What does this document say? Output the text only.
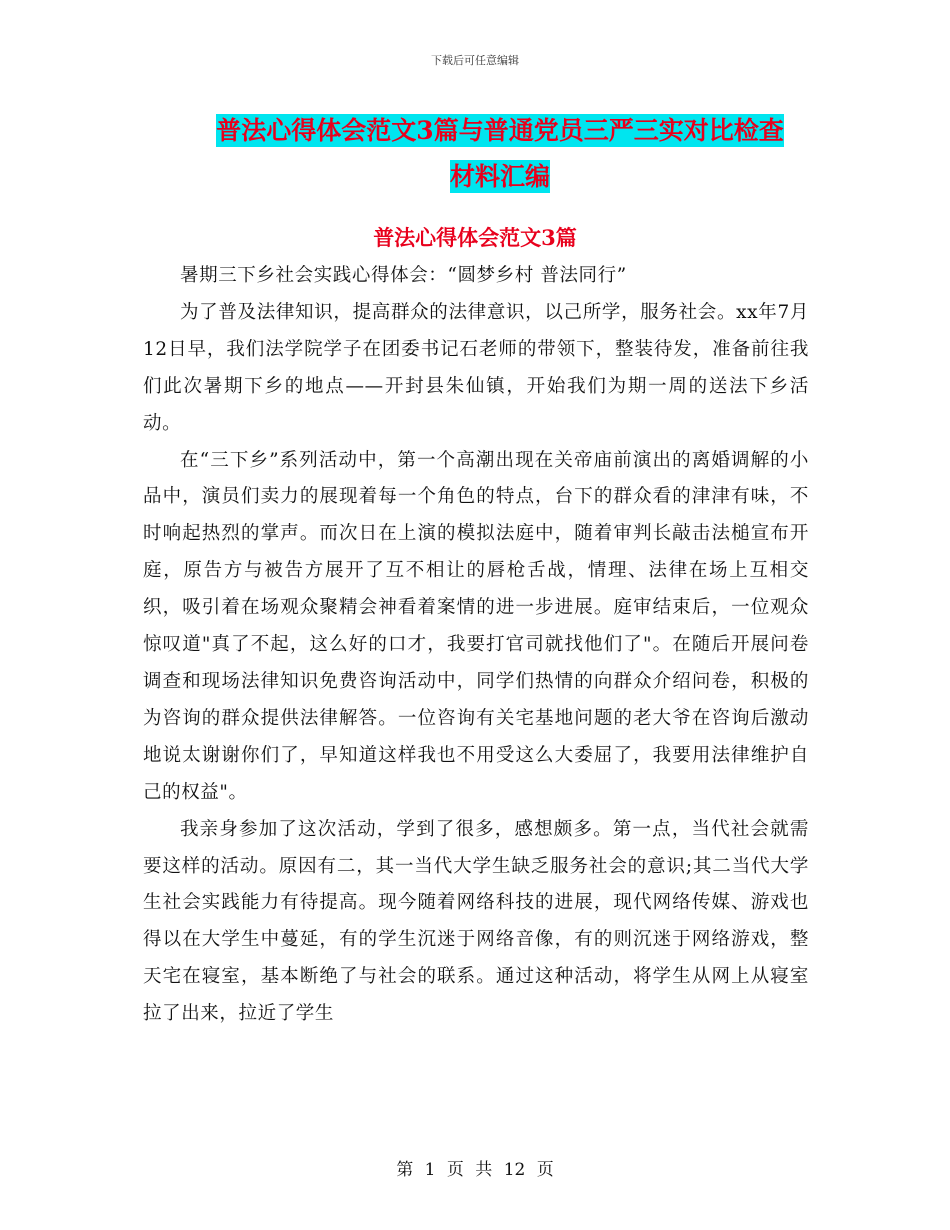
下载后可任意编辑
普法心得体会范文3篇与普通党员三严三实对比检查
材料汇编
普法心得体会范文3篇

暑期三下乡社会实践心得体会：“圆梦乡村 普法同行”

为了普及法律知识，提高群众的法律意识，以己所学，服务社会。xx年7月12日早，我们法学院学子在团委书记石老师的带领下，整装待发，准备前往我们此次暑期下乡的地点——开封县朱仙镇，开始我们为期一周的送法下乡活动。

在“三下乡”系列活动中，第一个高潮出现在关帝庙前演出的离婚调解的小品中，演员们卖力的展现着每一个角色的特点，台下的群众看的津津有味，不时响起热烈的掌声。而次日在上演的模拟法庭中，随着审判长敲击法槌宣布开庭，原告方与被告方展开了互不相让的唇枪舌战，情理、法律在场上互相交织，吸引着在场观众聚精会神看着案情的进一步进展。庭审结束后，一位观众惊叹道"真了不起，这么好的口才，我要打官司就找他们了"。在随后开展问卷调查和现场法律知识免费咨询活动中，同学们热情的向群众介绍问卷，积极的为咨询的群众提供法律解答。一位咨询有关宅基地问题的老大爷在咨询后激动地说太谢谢你们了，早知道这样我也不用受这么大委屈了，我要用法律维护自己的权益"。

我亲身参加了这次活动，学到了很多，感想颇多。第一点，当代社会就需要这样的活动。原因有二，其一当代大学生缺乏服务社会的意识;其二当代大学生社会实践能力有待提高。现今随着网络科技的进展，现代网络传媒、游戏也得以在大学生中蔓延，有的学生沉迷于网络音像，有的则沉迷于网络游戏，整天宅在寝室，基本断绝了与社会的联系。通过这种活动，将学生从网上从寝室拉了出来，拉近了学生

第 1 页 共 12 页
